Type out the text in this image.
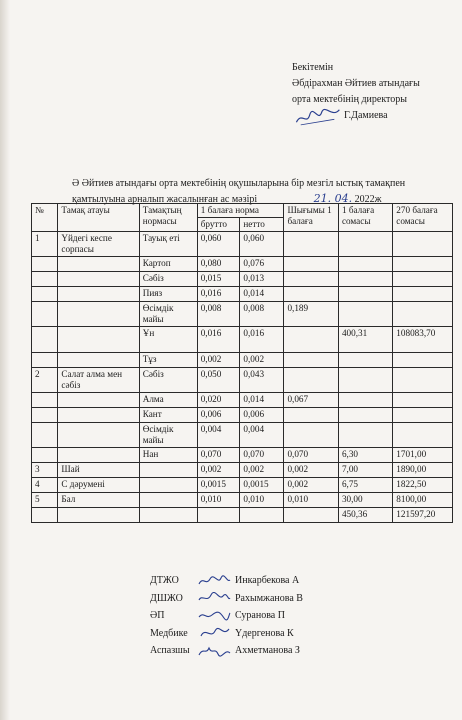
Бекітемін
Әбдірахман Әйтиев атындағы
орта мектебінің директоры
Г.Дамиева
Ә Әйтиев атындағы орта мектебінің оқушыларына бір мезгіл ыстық тамақпен
қамтылуына арналып жасалынған ас мәзірі	21. 04. 2022ж
№	Тамақ атауы	Тамақтың нормасы	1 балаға норма		Шығымы 1 балаға	1 балаға сомасы	270 балаға сомасы
			брутто	нетто			
1	Үйдегі кеспе сорпасы	Тауық еті	0,060	0,060			
		Картоп	0,080	0,076			
		Сәбіз	0,015	0,013			
		Пияз	0,016	0,014			
		Өсімдік майы	0,008	0,008	0,189		
		Ұн	0,016	0,016		400,31	108083,70
		Тұз	0,002	0,002			
2	Салат алма мен сәбіз	Сәбіз	0,050	0,043			
		Алма	0,020	0,014	0,067		
		Кант	0,006	0,006			
		Өсімдік майы	0,004	0,004			
		Нан	0,070	0,070	0,070	6,30	1701,00
3	Шай		0,002	0,002	0,002	7,00	1890,00
4	С дәрумені		0,0015	0,0015	0,002	6,75	1822,50
5	Бал		0,010	0,010	0,010	30,00	8100,00
						450,36	121597,20
ДТЖО	Инкарбекова А
ДШЖО	Рахымжанова В
ӘП	Суранова П
Медбике	Үдергенова К
Аспазшы	Ахметманова З
